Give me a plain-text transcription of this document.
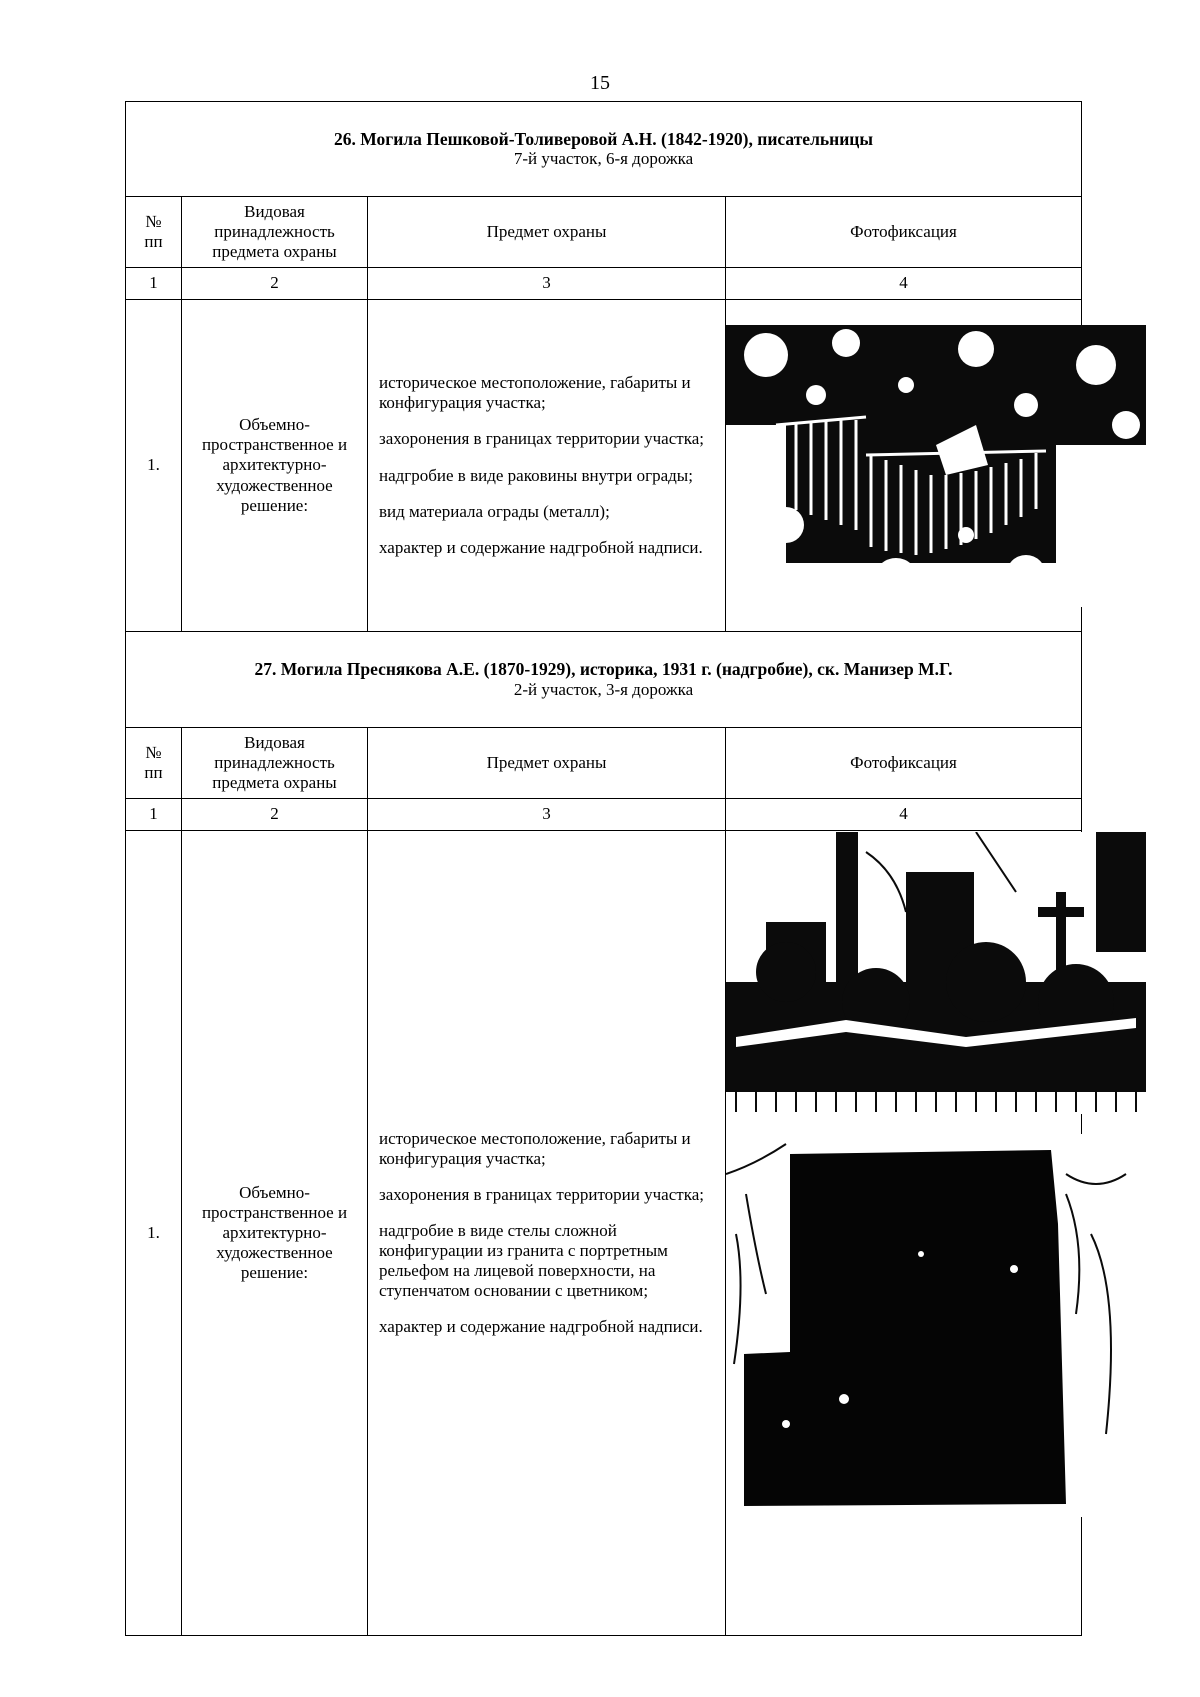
15
26. Могила Пешковой-Толиверовой А.Н. (1842-1920), писательницы
7-й участок, 6-я дорожка			

№
пп	Видовая принадлежность предмета охраны	Предмет охраны	Фотофиксация
1	2	3	4
1.	Объемно-пространственное и архитектурно-художественное решение:	историческое местоположение, габариты и конфигурация участка;

захоронения в границах территории участка;

надгробие в виде раковины внутри ограды;

вид материала ограды (металл);

характер и содержание надгробной надписи.

27. Могила Преснякова А.Е. (1870-1929), историка, 1931 г. (надгробие), ск. Манизер М.Г.
2-й участок, 3-я дорожка			

№
пп	Видовая принадлежность предмета охраны	Предмет охраны	Фотофиксация
1	2	3	4
1.	Объемно-пространственное и архитектурно-художественное решение:	историческое местоположение, габариты и конфигурация участка;

захоронения в границах территории участка;

надгробие в виде стелы сложной конфигурации из гранита с портретным рельефом на лицевой поверхности, на ступенчатом основании с цветником;

характер и содержание надгробной надписи.
